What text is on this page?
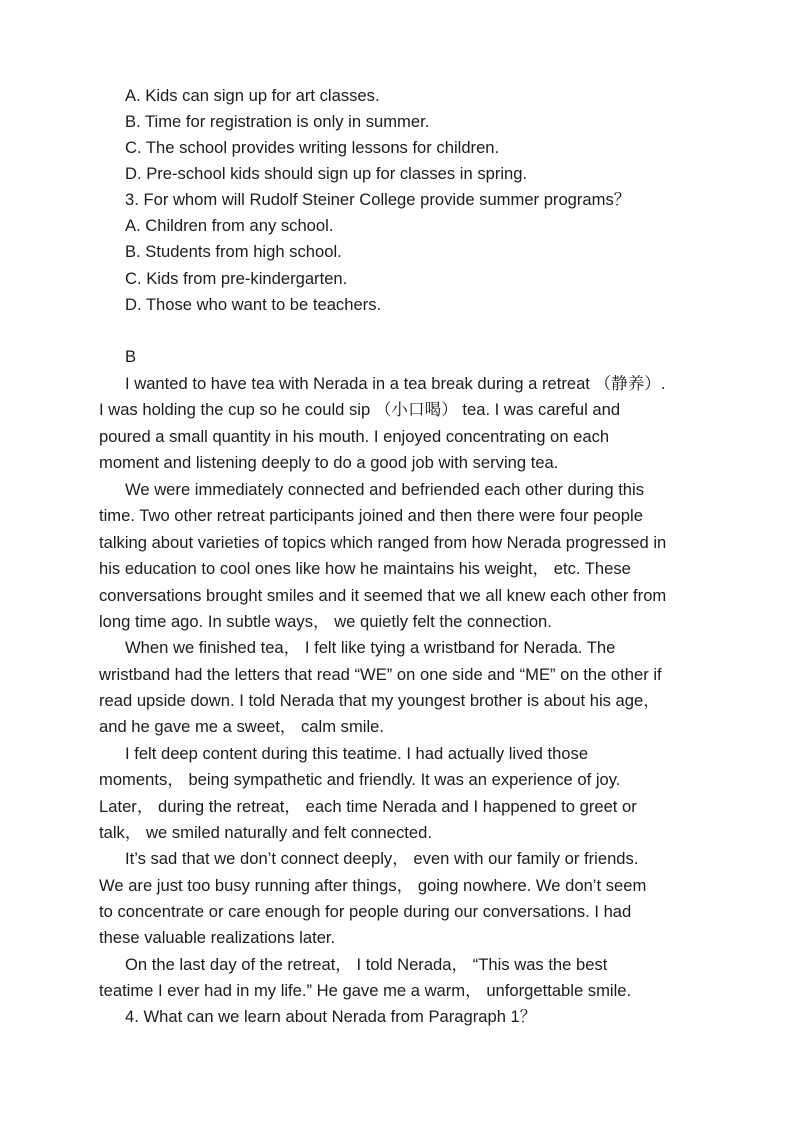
A. Kids can sign up for art classes.
B. Time for registration is only in summer.
C. The school provides writing lessons for children.
D. Pre-school kids should sign up for classes in spring.
3. For whom will Rudolf Steiner College provide summer programs？
A. Children from any school.
B. Students from high school.
C. Kids from pre-kindergarten.
D. Those who want to be teachers.
B
I wanted to have tea with Nerada in a tea break during a retreat （静养）.
I was holding the cup so he could sip （小口喝） tea. I was careful and
poured a small quantity in his mouth. I enjoyed concentrating on each
moment and listening deeply to do a good job with serving tea.
We were immediately connected and befriended each other during this
time. Two other retreat participants joined and then there were four people
talking about varieties of topics which ranged from how Nerada progressed in
his education to cool ones like how he maintains his weight， etc. These
conversations brought smiles and it seemed that we all knew each other from
long time ago. In subtle ways， we quietly felt the connection.
When we finished tea， I felt like tying a wristband for Nerada. The
wristband had the letters that read “WE” on one side and “ME” on the other if
read upside down. I told Nerada that my youngest brother is about his age，
and he gave me a sweet， calm smile.
I felt deep content during this teatime. I had actually lived those
moments， being sympathetic and friendly. It was an experience of joy.
Later， during the retreat， each time Nerada and I happened to greet or
talk， we smiled naturally and felt connected.
It’s sad that we don’t connect deeply， even with our family or friends.
We are just too busy running after things， going nowhere. We don’t seem
to concentrate or care enough for people during our conversations. I had
these valuable realizations later.
On the last day of the retreat， I told Nerada， “This was the best
teatime I ever had in my life.” He gave me a warm， unforgettable smile.
4. What can we learn about Nerada from Paragraph 1？
